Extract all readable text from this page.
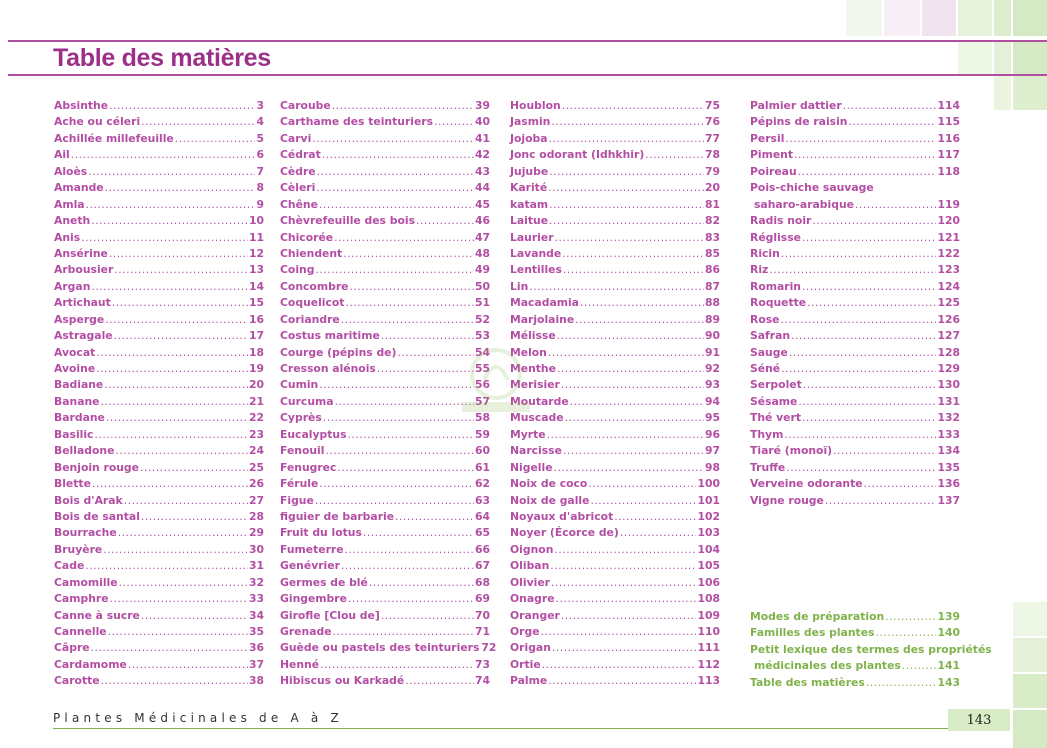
Table des matières
Absinthe .....	3
Ache ou céleri .....	4
Achillée millefeuille .....	5
Ail .....	6
Aloès .....	7
Amande .....	8
Amla .....	9
Aneth .....	10
Anis .....	11
Ansérine .....	12
Arbousier .....	13
Argan .....	14
Artichaut .....	15
Asperge .....	16
Astragale .....	17
Avocat .....	18
Avoine .....	19
Badiane .....	20
Banane .....	21
Bardane .....	22
Basilic .....	23
Belladone .....	24
Benjoin rouge .....	25
Blette .....	26
Bois d'Arak .....	27
Bois de santal .....	28
Bourrache .....	29
Bruyère .....	30
Cade .....	31
Camomille .....	32
Camphre .....	33
Canne à sucre .....	34
Cannelle .....	35
Câpre .....	36
Cardamome .....	37
Carotte .....	38
Caroube .....	39
Carthame des teinturiers .....	40
Carvi .....	41
Cédrat .....	42
Cèdre .....	43
Cèleri .....	44
Chêne .....	45
Chèvrefeuille des bois .....	46
Chicorée .....	47
Chiendent .....	48
Coing .....	49
Concombre .....	50
Coquelicot .....	51
Coriandre .....	52
Costus maritime .....	53
Courge (pépins de) .....	54
Cresson alénois .....	55
Cumin .....	56
Curcuma .....	57
Cyprès .....	58
Eucalyptus .....	59
Fenouil .....	60
Fenugrec .....	61
Férule .....	62
Figue .....	63
figuier de barbarie .....	64
Fruit du lotus .....	65
Fumeterre .....	66
Genévrier .....	67
Germes de blé .....	68
Gingembre .....	69
Girofle [Clou de] .....	70
Grenade .....	71
Guède ou pastels des teinturiers 72
Henné .....	73
Hibiscus ou Karkadé .....	74
Houblon .....	75
Jasmin .....	76
Jojoba .....	77
Jonc odorant (Idhkhir) .....	78
Jujube .....	79
Karité .....	20
katam .....	81
Laitue .....	82
Laurier .....	83
Lavande .....	85
Lentilles .....	86
Lin .....	87
Macadamia .....	88
Marjolaine .....	89
Mélisse .....	90
Melon .....	91
Menthe .....	92
Merisier .....	93
Moutarde .....	94
Muscade .....	95
Myrte .....	96
Narcisse .....	97
Nigelle .....	98
Noix de coco .....	100
Noix de galle .....	101
Noyaux d'abricot .....	102
Noyer (Écorce de) .....	103
Oignon .....	104
Oliban .....	105
Olivier .....	106
Onagre .....	108
Oranger .....	109
Orge .....	110
Origan .....	111
Ortie .....	112
Palme .....	113
Palmier dattier .....	114
Pépins de raisin .....	115
Persil .....	116
Piment .....	117
Poireau .....	118
Pois-chiche sauvage
saharo-arabique .....	119
Radis noir .....	120
Réglisse .....	121
Ricin .....	122
Riz .....	123
Romarin .....	124
Roquette .....	125
Rose .....	126
Safran .....	127
Sauge .....	128
Séné .....	129
Serpolet .....	130
Sésame .....	131
Thé vert .....	132
Thym .....	133
Tiaré (monoï) .....	134
Truffe .....	135
Verveine odorante .....	136
Vigne rouge .....	137
Modes de préparation .....	139
Familles des plantes .....	140
Petit lexique des termes des propriétés
médicinales des plantes .....	141
Table des matières .....	143
Plantes Médicinales de A à Z	143
